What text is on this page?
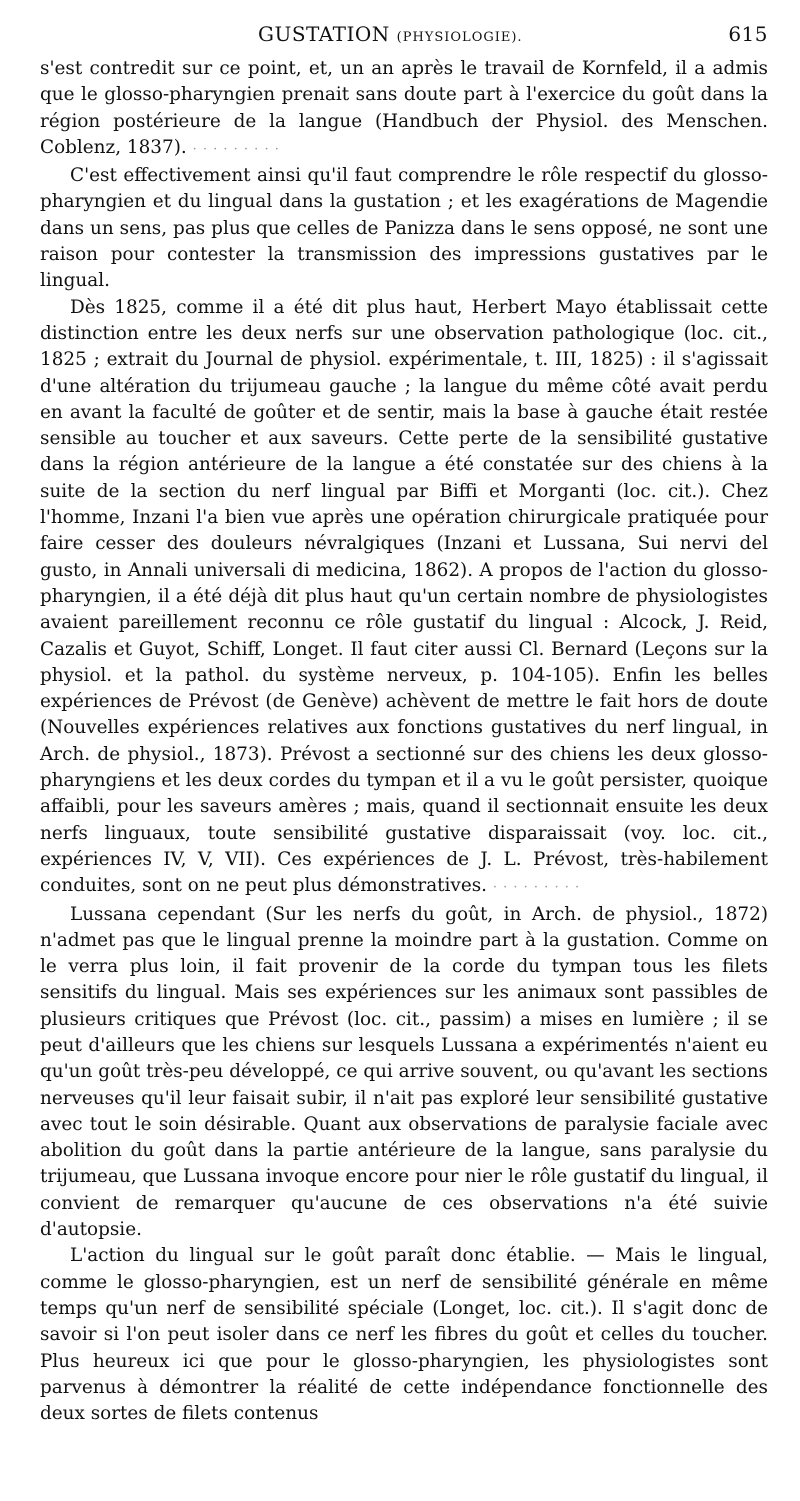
GUSTATION (PHYSIOLOGIE).	615

s'est contredit sur ce point, et, un an après le travail de Kornfeld, il a admis que le glosso-pharyngien prenait sans doute part à l'exercice du goût dans la région postérieure de la langue (Handbuch der Physiol. des Menschen. Coblenz, 1837). · · · · · · · · ·

C'est effectivement ainsi qu'il faut comprendre le rôle respectif du glosso-pharyngien et du lingual dans la gustation ; et les exagérations de Magendie dans un sens, pas plus que celles de Panizza dans le sens opposé, ne sont une raison pour contester la transmission des impressions gustatives par le lingual.

Dès 1825, comme il a été dit plus haut, Herbert Mayo établissait cette distinction entre les deux nerfs sur une observation pathologique (loc. cit., 1825 ; extrait du Journal de physiol. expérimentale, t. III, 1825) : il s'agissait d'une altération du trijumeau gauche ; la langue du même côté avait perdu en avant la faculté de goûter et de sentir, mais la base à gauche était restée sensible au toucher et aux saveurs. Cette perte de la sensibilité gustative dans la région antérieure de la langue a été constatée sur des chiens à la suite de la section du nerf lingual par Biffi et Morganti (loc. cit.). Chez l'homme, Inzani l'a bien vue après une opération chirurgicale pratiquée pour faire cesser des douleurs névralgiques (Inzani et Lussana, Sui nervi del gusto, in Annali universali di medicina, 1862). A propos de l'action du glosso-pharyngien, il a été déjà dit plus haut qu'un certain nombre de physiologistes avaient pareillement reconnu ce rôle gustatif du lingual : Alcock, J. Reid, Cazalis et Guyot, Schiff, Longet. Il faut citer aussi Cl. Bernard (Leçons sur la physiol. et la pathol. du système nerveux, p. 104-105). Enfin les belles expériences de Prévost (de Genève) achèvent de mettre le fait hors de doute (Nouvelles expériences relatives aux fonctions gustatives du nerf lingual, in Arch. de physiol., 1873). Prévost a sectionné sur des chiens les deux glosso-pharyngiens et les deux cordes du tympan et il a vu le goût persister, quoique affaibli, pour les saveurs amères ; mais, quand il sectionnait ensuite les deux nerfs linguaux, toute sensibilité gustative disparaissait (voy. loc. cit., expériences IV, V, VII). Ces expériences de J. L. Prévost, très-habilement conduites, sont on ne peut plus démonstratives. · · · · · · · · ·

Lussana cependant (Sur les nerfs du goût, in Arch. de physiol., 1872) n'admet pas que le lingual prenne la moindre part à la gustation. Comme on le verra plus loin, il fait provenir de la corde du tympan tous les filets sensitifs du lingual. Mais ses expériences sur les animaux sont passibles de plusieurs critiques que Prévost (loc. cit., passim) a mises en lumière ; il se peut d'ailleurs que les chiens sur lesquels Lussana a expérimentés n'aient eu qu'un goût très-peu développé, ce qui arrive souvent, ou qu'avant les sections nerveuses qu'il leur faisait subir, il n'ait pas exploré leur sensibilité gustative avec tout le soin désirable. Quant aux observations de paralysie faciale avec abolition du goût dans la partie antérieure de la langue, sans paralysie du trijumeau, que Lussana invoque encore pour nier le rôle gustatif du lingual, il convient de remarquer qu'aucune de ces observations n'a été suivie d'autopsie.

L'action du lingual sur le goût paraît donc établie. — Mais le lingual, comme le glosso-pharyngien, est un nerf de sensibilité générale en même temps qu'un nerf de sensibilité spéciale (Longet, loc. cit.). Il s'agit donc de savoir si l'on peut isoler dans ce nerf les fibres du goût et celles du toucher. Plus heureux ici que pour le glosso-pharyngien, les physiologistes sont parvenus à démontrer la réalité de cette indépendance fonctionnelle des deux sortes de filets contenus
